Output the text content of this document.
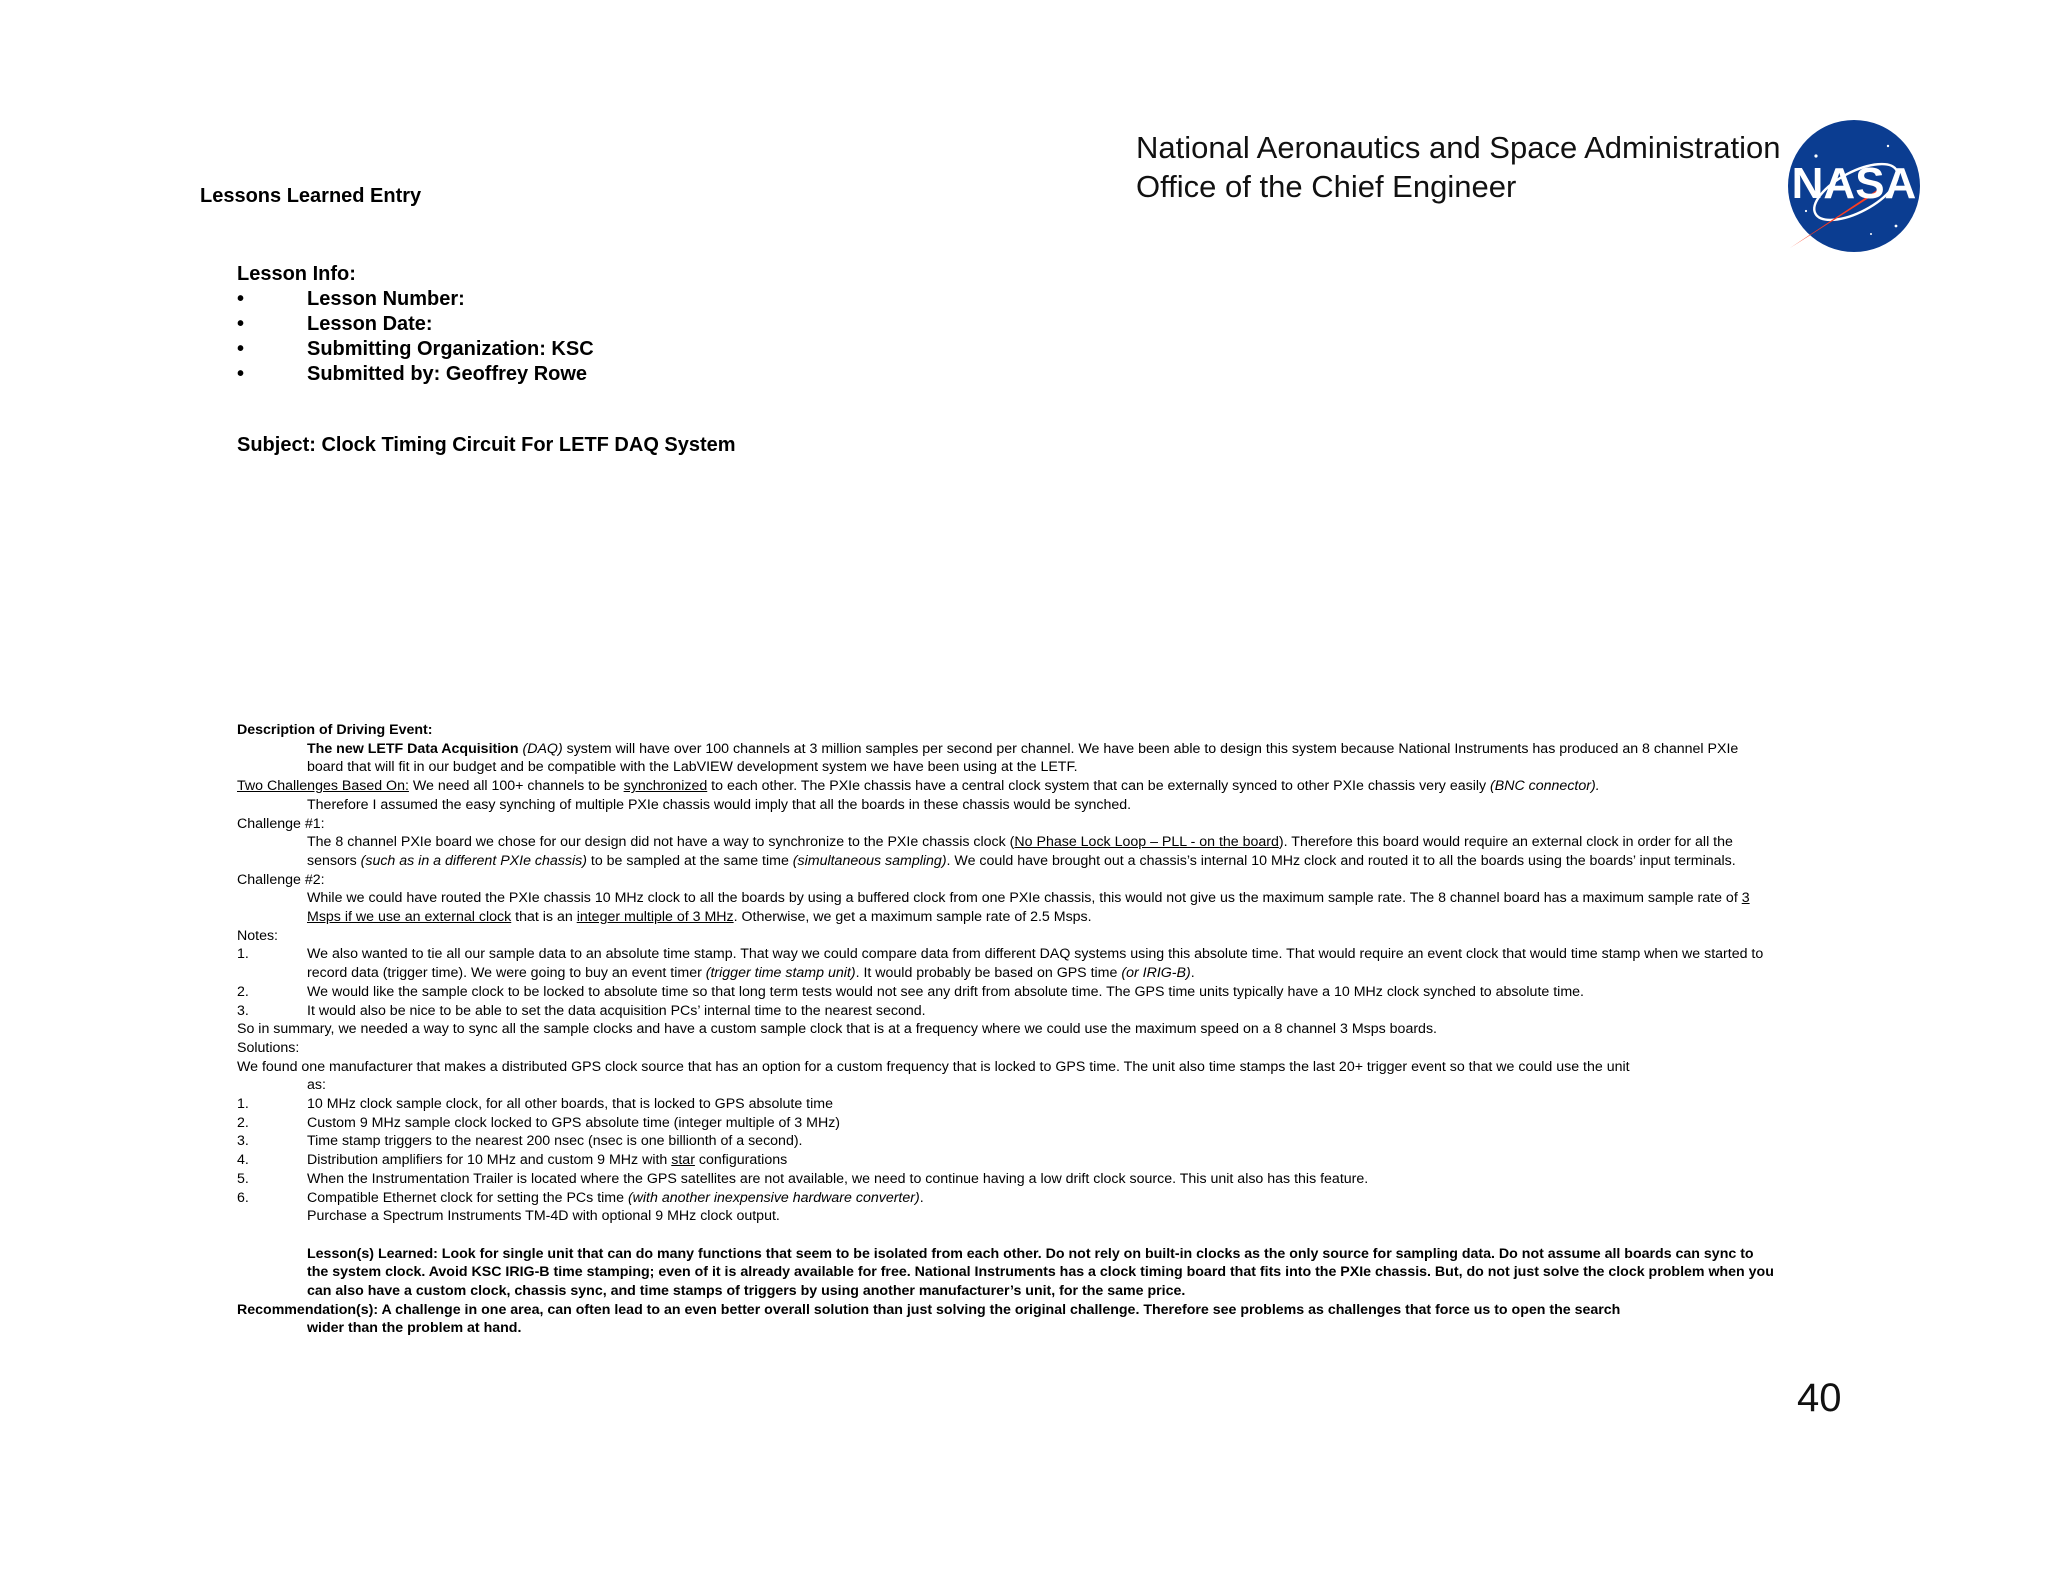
National Aeronautics and Space Administration
Office of the Chief Engineer	NASA
Lessons Learned Entry
Lesson Info:
•	Lesson Number:
•	Lesson Date:
•	Submitting Organization: KSC
•	Submitted by: Geoffrey Rowe
Subject: Clock Timing Circuit For LETF DAQ System
Description of Driving Event:
The new LETF Data Acquisition (DAQ) system will have over 100 channels at 3 million samples per second per channel. We have been able to design this system because National Instruments has produced an 8 channel PXIe board that will fit in our budget and be compatible with the LabVIEW development system we have been using at the LETF.
Two Challenges Based On: We need all 100+ channels to be synchronized to each other. The PXIe chassis have a central clock system that can be externally synced to other PXIe chassis very easily (BNC connector).
Therefore I assumed the easy synching of multiple PXIe chassis would imply that all the boards in these chassis would be synched.
Challenge #1:
The 8 channel PXIe board we chose for our design did not have a way to synchronize to the PXIe chassis clock (No Phase Lock Loop – PLL - on the board). Therefore this board would require an external clock in order for all the sensors (such as in a different PXIe chassis) to be sampled at the same time (simultaneous sampling). We could have brought out a chassis’s internal 10 MHz clock and routed it to all the boards using the boards’ input terminals.
Challenge #2:
While we could have routed the PXIe chassis 10 MHz clock to all the boards by using a buffered clock from one PXIe chassis, this would not give us the maximum sample rate. The 8 channel board has a maximum sample rate of 3 Msps if we use an external clock that is an integer multiple of 3 MHz. Otherwise, we get a maximum sample rate of 2.5 Msps.
Notes:
1.	We also wanted to tie all our sample data to an absolute time stamp. That way we could compare data from different DAQ systems using this absolute time. That would require an event clock that would time stamp when we started to record data (trigger time). We were going to buy an event timer (trigger time stamp unit). It would probably be based on GPS time (or IRIG-B).
2.	We would like the sample clock to be locked to absolute time so that long term tests would not see any drift from absolute time. The GPS time units typically have a 10 MHz clock synched to absolute time.
3.	It would also be nice to be able to set the data acquisition PCs’ internal time to the nearest second.
So in summary, we needed a way to sync all the sample clocks and have a custom sample clock that is at a frequency where we could use the maximum speed on a 8 channel 3 Msps boards.
Solutions:
We found one manufacturer that makes a distributed GPS clock source that has an option for a custom frequency that is locked to GPS time. The unit also time stamps the last 20+ trigger event so that we could use the unit
as:
1.	10 MHz clock sample clock, for all other boards, that is locked to GPS absolute time
2.	Custom 9 MHz sample clock locked to GPS absolute time (integer multiple of 3 MHz)
3.	Time stamp triggers to the nearest 200 nsec (nsec is one billionth of a second).
4.	Distribution amplifiers for 10 MHz and custom 9 MHz with star configurations
5.	When the Instrumentation Trailer is located where the GPS satellites are not available, we need to continue having a low drift clock source. This unit also has this feature.
6.	Compatible Ethernet clock for setting the PCs time (with another inexpensive hardware converter).
Purchase a Spectrum Instruments TM-4D with optional 9 MHz clock output.
Lesson(s) Learned: Look for single unit that can do many functions that seem to be isolated from each other. Do not rely on built-in clocks as the only source for sampling data. Do not assume all boards can sync to the system clock. Avoid KSC IRIG-B time stamping; even of it is already available for free. National Instruments has a clock timing board that fits into the PXIe chassis. But, do not just solve the clock problem when you can also have a custom clock, chassis sync, and time stamps of triggers by using another manufacturer’s unit, for the same price.
Recommendation(s): A challenge in one area, can often lead to an even better overall solution than just solving the original challenge. Therefore see problems as challenges that force us to open the search
wider than the problem at hand.
40
